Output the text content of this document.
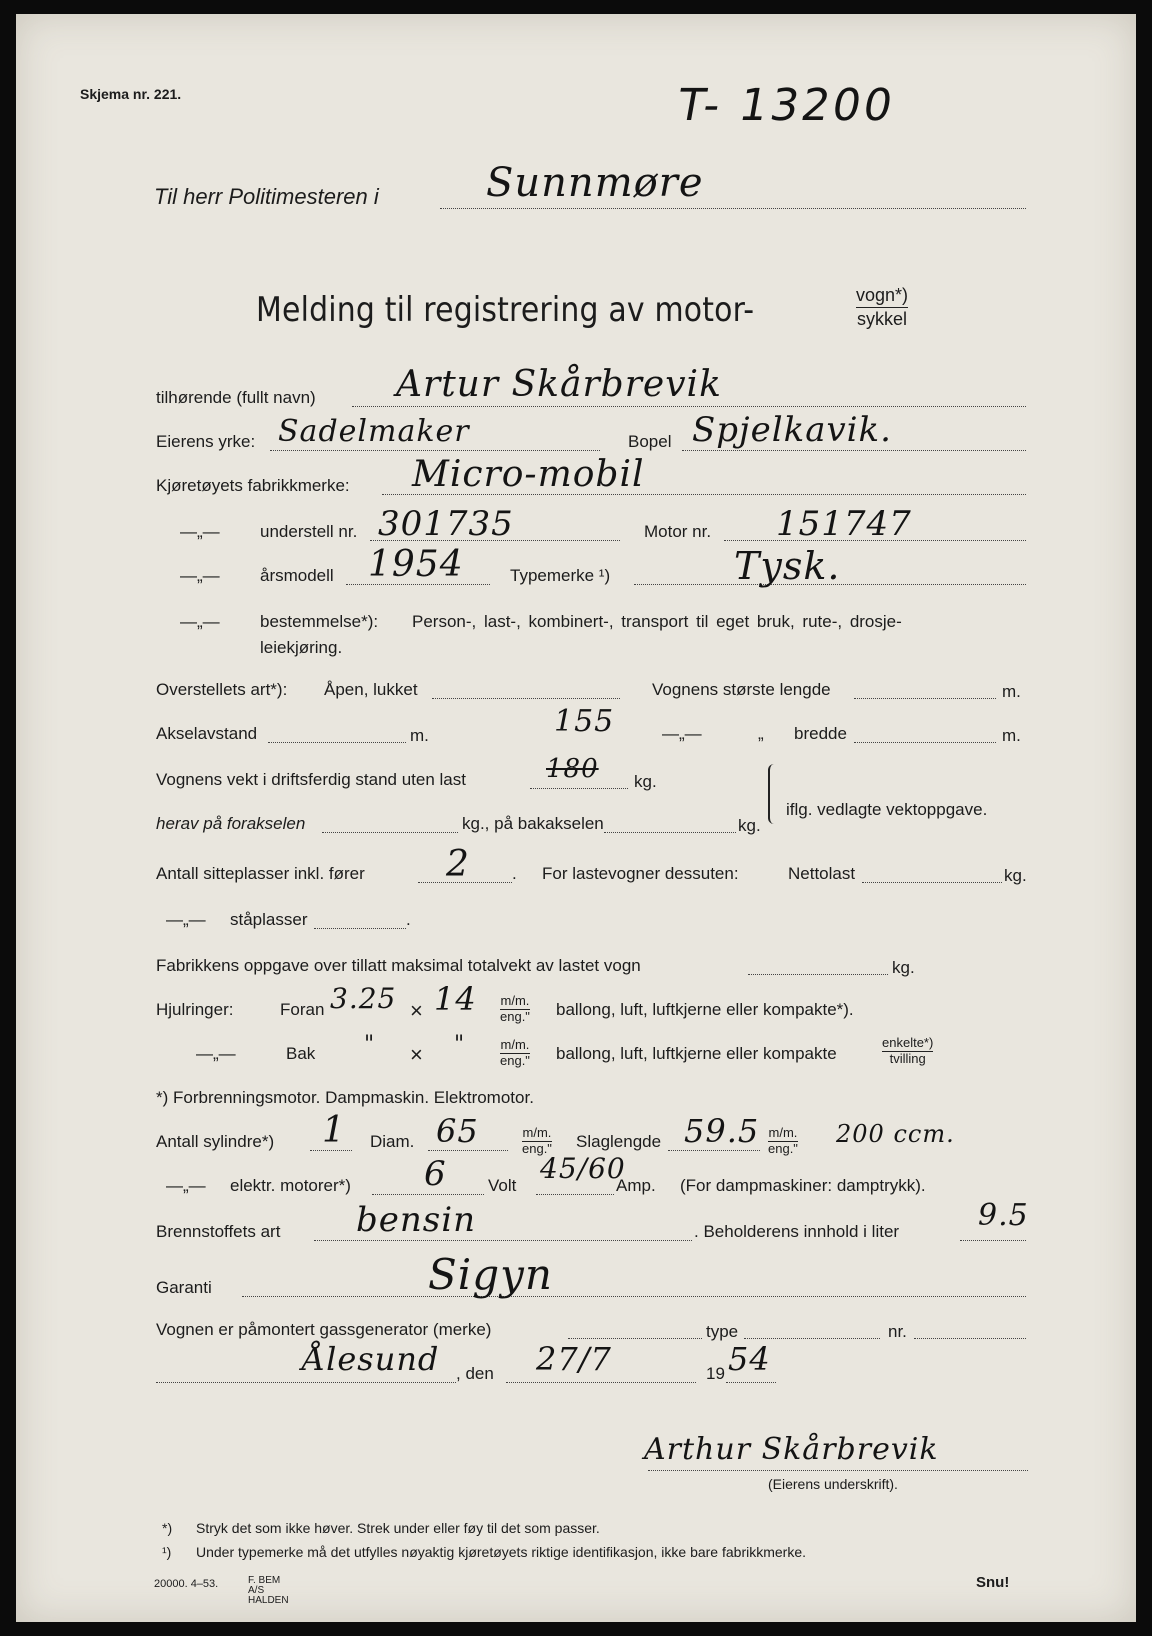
Skjema nr. 221.	T- 13200
Til herr Politimesteren i	Sunnmøre
Melding til registrering av motor-	vogn*)
sykkel
tilhørende (fullt navn) Artur Skårbrevik
Eierens yrke: Sadelmaker	Bopel Spjelkavik.
Kjøretøyets fabrikkmerke: Micro-mobil
—„— understell nr. 301735	Motor nr. 151747
—„— årsmodell 1954	Typemerke ¹)	Tysk.
—„— bestemmelse*): Person-, last-, kombinert-, transport til eget bruk, rute-, drosje-
leiekjøring.
Overstellets art*): Åpen, lukket	Vognens største lengde	m.
Akselavstand	m.	155	—„—	„ bredde	m.
Vognens vekt i driftsferdig stand uten last	180 kg.
herav på forakselen	kg., på bakakselen	kg.
iflg. vedlagte vektoppgave.
Antall sitteplasser inkl. fører 2 . For lastevogner dessuten:	Nettolast	kg.
—„— ståplasser	.
Fabrikkens oppgave over tillatt maksimal totalvekt av lastet vogn	kg.
Hjulringer:	Foran 3.25 × 14 m/m.
eng." ballong, luft, luftkjerne eller kompakte*).
—„—	Bak " × "	m/m.
eng." ballong, luft, luftkjerne eller kompakte
enkelte*)
tvilling
*) Forbrenningsmotor. Dampmaskin. Elektromotor.
Antall sylindre*) 1 Diam. 65	m/m.
eng." Slaglengde 59.5 m/m.
eng."
200 ccm.
—„— elektr. motorer*) 6 Volt
45/60
Amp. (For dampmaskiner: damptrykk).
Brennstoffets art bensin	. Beholderens innhold i liter	9.5
Garanti	Sigyn
Vognen er påmontert gassgenerator (merke)	type	nr.
Ålesund , den 27/7	19 54
Arthur Skårbrevik
(Eierens underskrift).
*) Stryk det som ikke høver. Strek under eller føy til det som passer.
¹) Under typemerke må det utfylles nøyaktig kjøretøyets riktige identifikasjon, ikke bare fabrikkmerke.
20000. 4–53.	F. BEM A/S HALDEN
Snu!
